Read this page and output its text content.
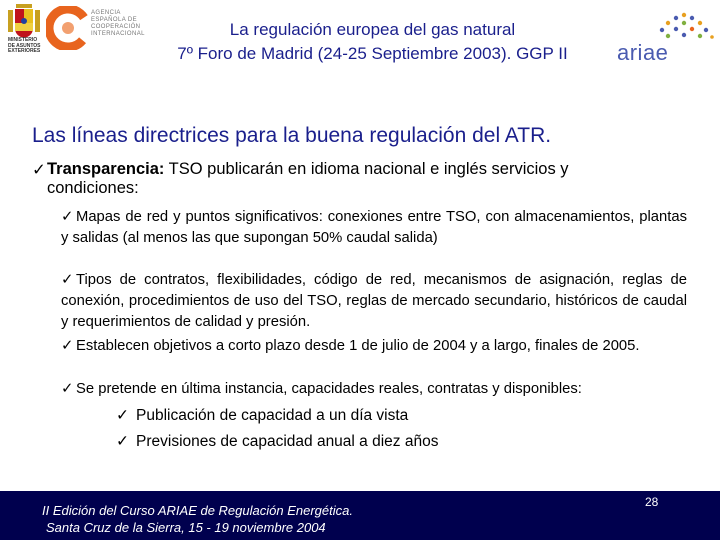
MINISTERIO
DE ASUNTOS
EXTERIORES
AGENCIA
ESPAÑOLA DE
COOPERACIÓN
INTERNACIONAL	La regulación europea del gas natural
7º Foro de Madrid (24-25 Septiembre 2003). GGP II	ariae
Las líneas directrices para la buena regulación del ATR.
✓ Transparencia: TSO publicarán en idioma nacional e inglés servicios y
condiciones:
✓ Mapas de red y puntos significativos: conexiones entre TSO, con almacenamientos, plantas y salidas (al menos las que supongan 50% caudal salida)
✓ Tipos de contratos, flexibilidades, código de red, mecanismos de asignación, reglas de conexión, procedimientos de uso del TSO, reglas de mercado secundario, históricos de caudal y requerimientos de calidad y presión.
✓ Establecen objetivos a corto plazo desde 1 de julio de 2004 y a largo, finales de 2005.
✓ Se pretende en última instancia, capacidades reales, contratas y disponibles:
✓ Publicación de capacidad a un día vista
✓ Previsiones de capacidad anual a diez años
II Edición del Curso ARIAE de Regulación Energética.
Santa Cruz de la Sierra, 15 - 19 noviembre 2004
28
